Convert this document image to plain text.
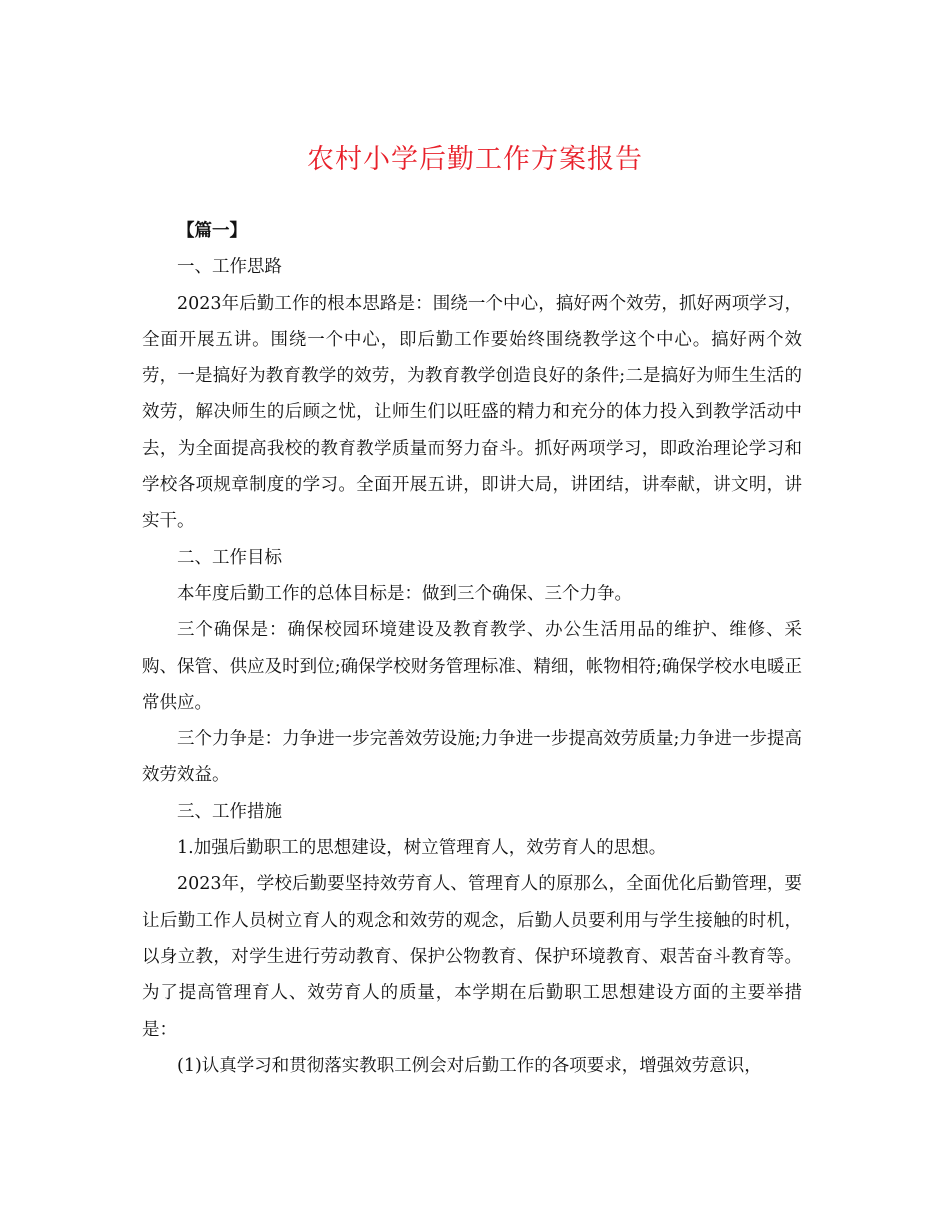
农村小学后勤工作方案报告

【篇一】

一、工作思路

2023年后勤工作的根本思路是：围绕一个中心，搞好两个效劳，抓好两项学习，全面开展五讲。围绕一个中心，即后勤工作要始终围绕教学这个中心。搞好两个效劳，一是搞好为教育教学的效劳，为教育教学创造良好的条件;二是搞好为师生生活的效劳，解决师生的后顾之忧，让师生们以旺盛的精力和充分的体力投入到教学活动中去，为全面提高我校的教育教学质量而努力奋斗。抓好两项学习，即政治理论学习和学校各项规章制度的学习。全面开展五讲，即讲大局，讲团结，讲奉献，讲文明，讲实干。

二、工作目标

本年度后勤工作的总体目标是：做到三个确保、三个力争。

三个确保是：确保校园环境建设及教育教学、办公生活用品的维护、维修、采购、保管、供应及时到位;确保学校财务管理标准、精细，帐物相符;确保学校水电暖正常供应。

三个力争是：力争进一步完善效劳设施;力争进一步提高效劳质量;力争进一步提高效劳效益。

三、工作措施

1.加强后勤职工的思想建设，树立管理育人，效劳育人的思想。

2023年，学校后勤要坚持效劳育人、管理育人的原那么，全面优化后勤管理，要让后勤工作人员树立育人的观念和效劳的观念，后勤人员要利用与学生接触的时机，以身立教，对学生进行劳动教育、保护公物教育、保护环境教育、艰苦奋斗教育等。为了提高管理育人、效劳育人的质量，本学期在后勤职工思想建设方面的主要举措是：

(1)认真学习和贯彻落实教职工例会对后勤工作的各项要求，增强效劳意识，
